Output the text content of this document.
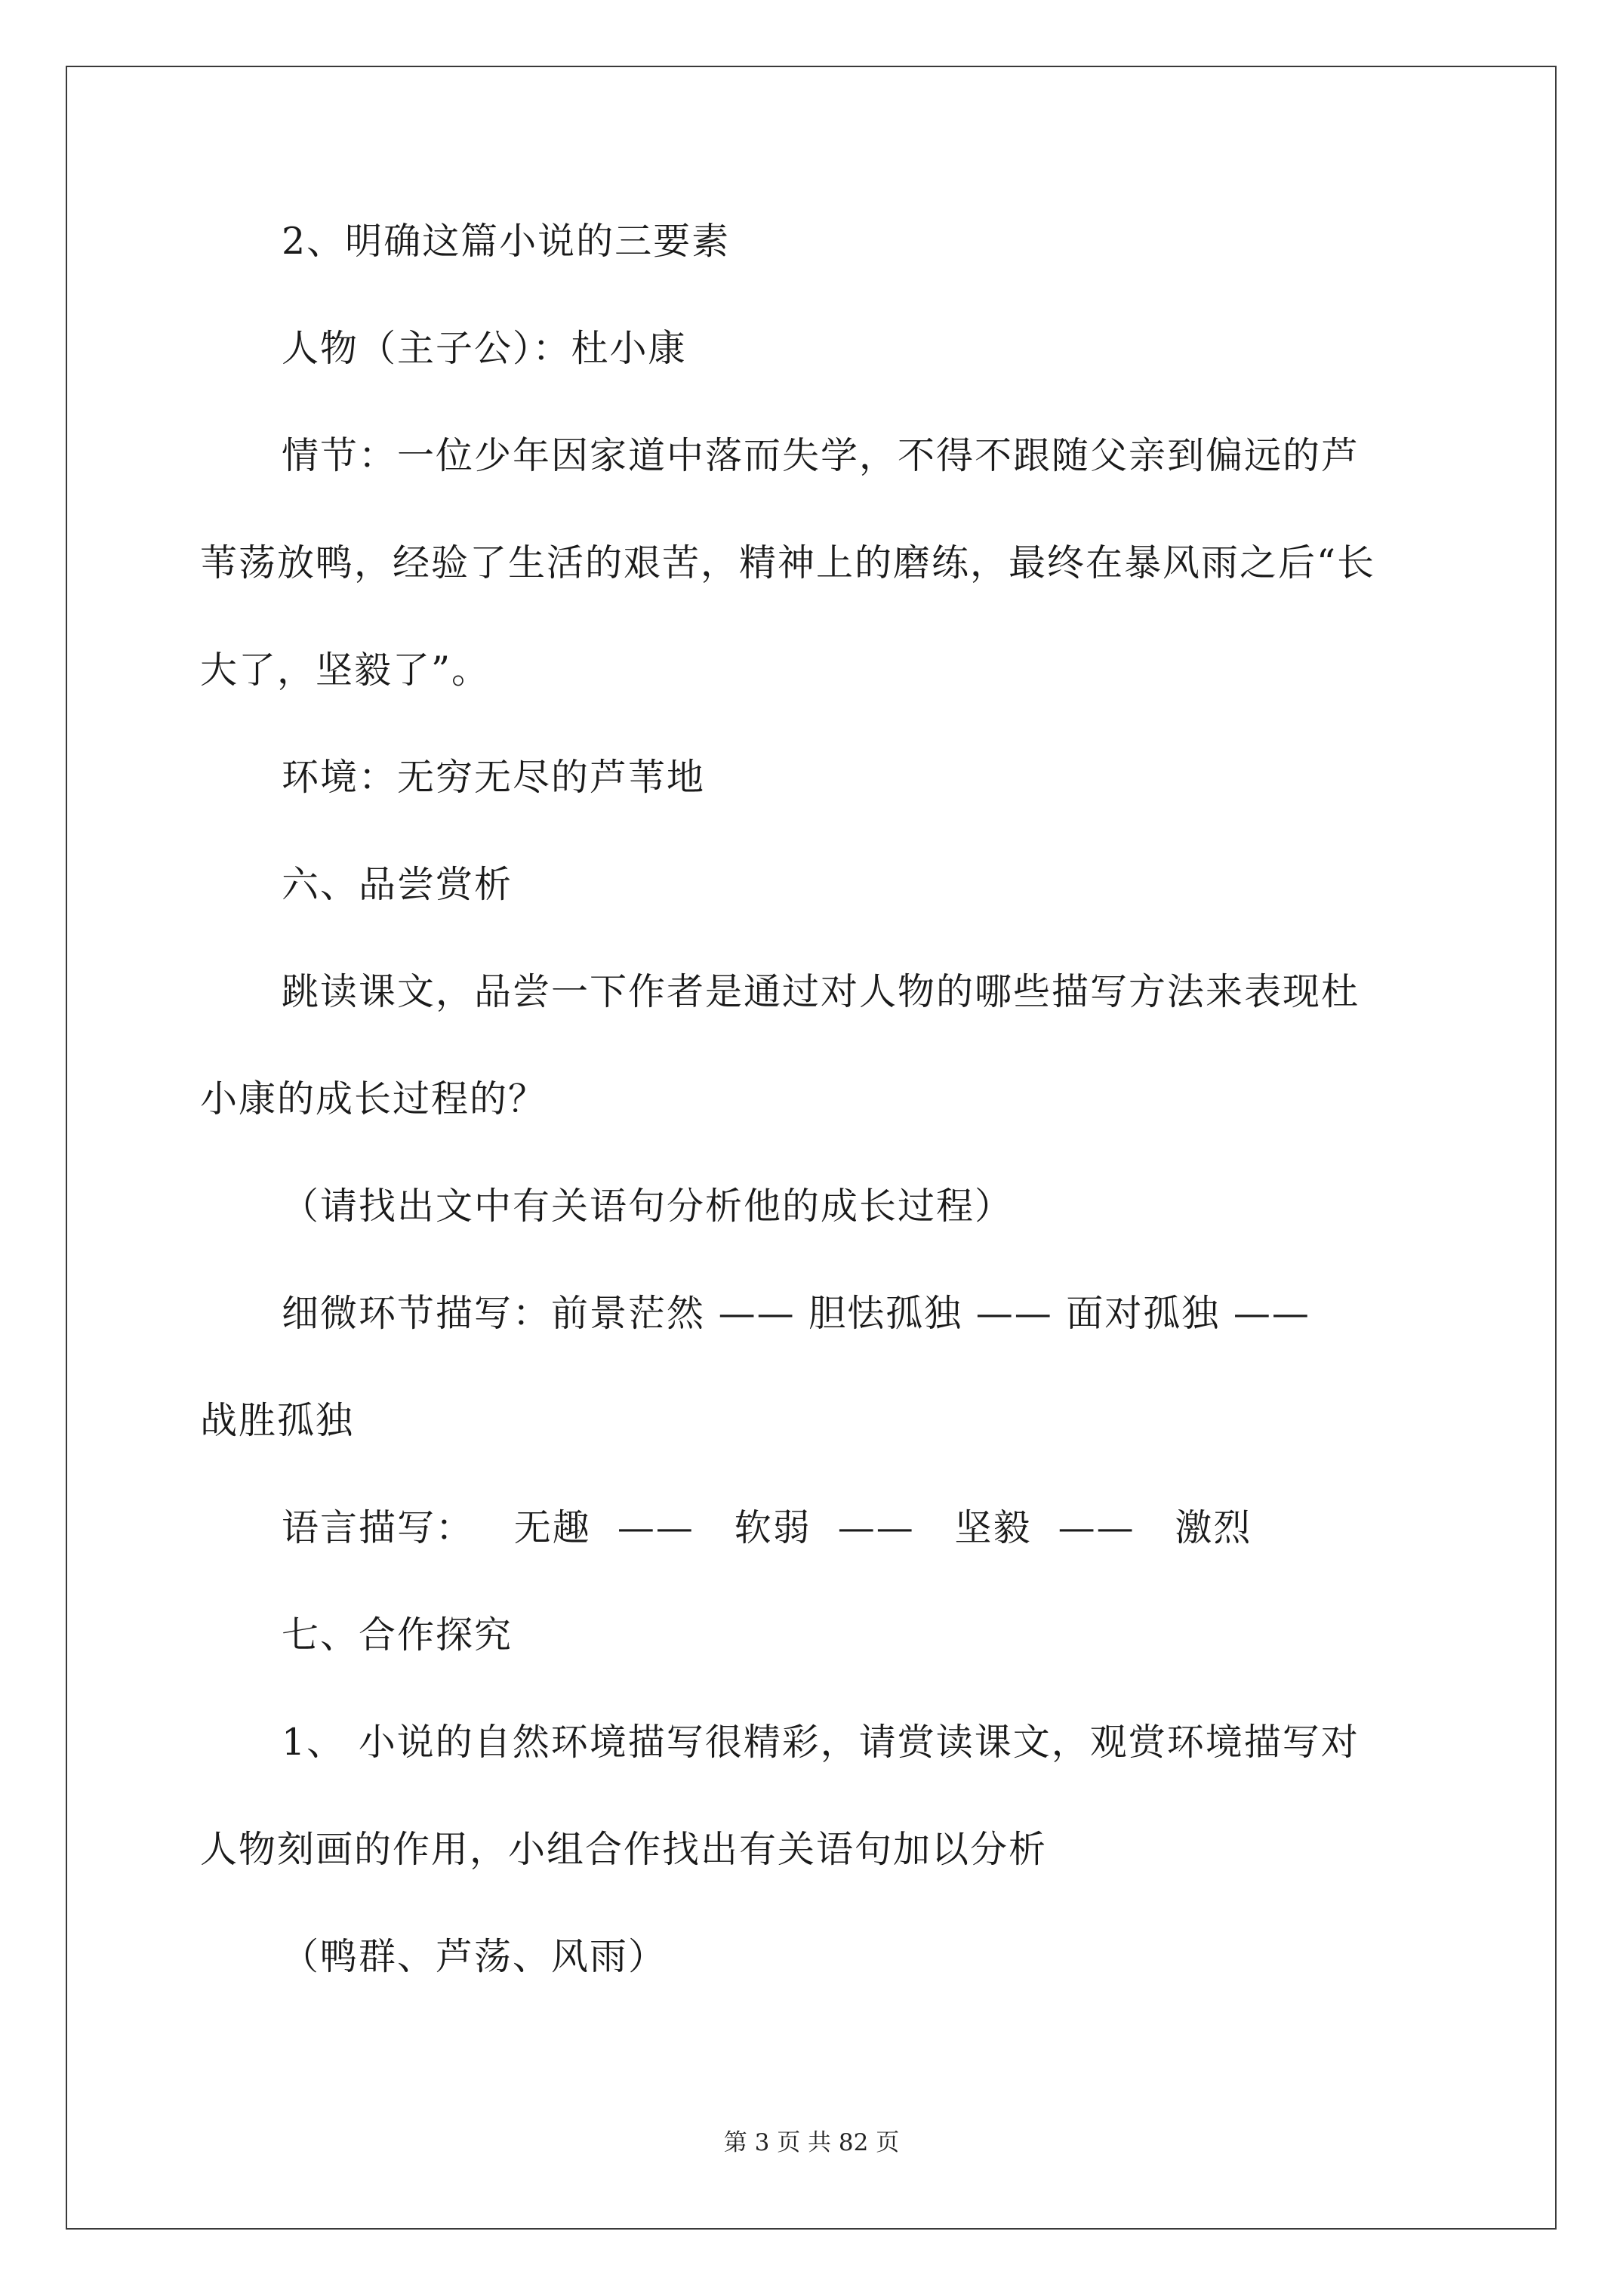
2、明确这篇小说的三要素
人物（主子公）：杜小康
情节：一位少年因家道中落而失学，不得不跟随父亲到偏远的芦
苇荡放鸭，经验了生活的艰苦，精神上的磨练，最终在暴风雨之后“长
大了，坚毅了”。
环境：无穷无尽的芦苇地
六、品尝赏析
跳读课文，品尝一下作者是通过对人物的哪些描写方法来表现杜
小康的成长过程的？
（请找出文中有关语句分析他的成长过程）
细微环节描写：前景茫然 —— 胆怯孤独 —— 面对孤独 ——
战胜孤独
语言描写：   无趣  ——   软弱  ——   坚毅  ——   激烈
七、合作探究
1、 小说的自然环境描写很精彩，请赏读课文，观赏环境描写对
人物刻画的作用，小组合作找出有关语句加以分析
（鸭群、芦荡、风雨）
第 3 页 共 82 页
